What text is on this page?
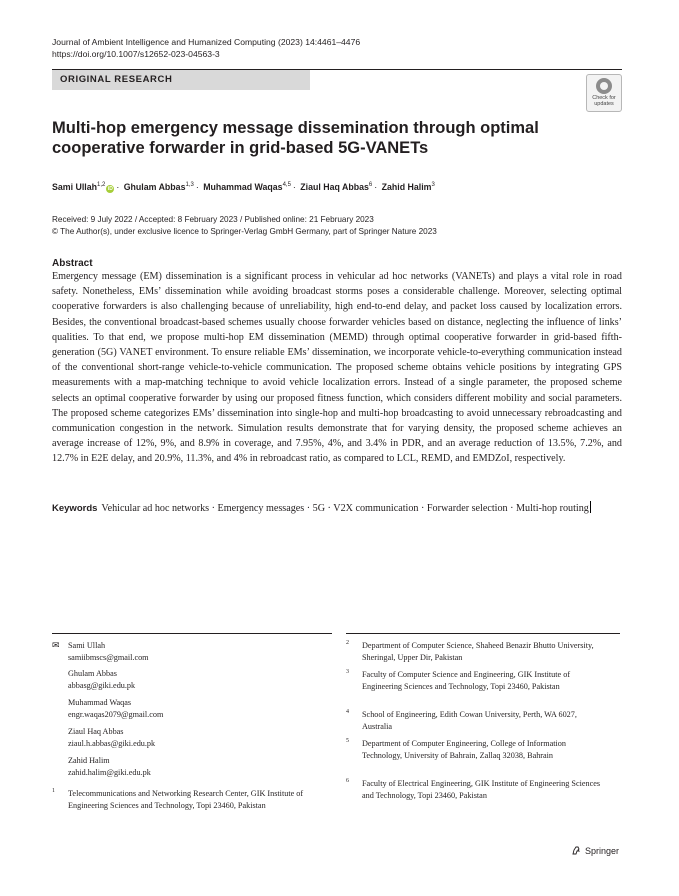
Journal of Ambient Intelligence and Humanized Computing (2023) 14:4461–4476
https://doi.org/10.1007/s12652-023-04563-3
ORIGINAL RESEARCH
Check for updates
Multi-hop emergency message dissemination through optimal
cooperative forwarder in grid-based 5G-VANETs
Sami Ullah$^{1,2}$iD · Ghulam Abbas$^{1,3}$ · Muhammad Waqas$^{4,5}$ · Ziaul Haq Abbas$^6$ · Zahid Halim$^3$
Received: 9 July 2022 / Accepted: 8 February 2023 / Published online: 21 February 2023
© The Author(s), under exclusive licence to Springer-Verlag GmbH Germany, part of Springer Nature 2023
Abstract
Emergency message (EM) dissemination is a significant process in vehicular ad hoc networks (VANETs) and plays a vital role in road safety. Nonetheless, EMs’ dissemination while avoiding broadcast storms poses a considerable challenge. Moreover, selecting optimal cooperative forwarders is also challenging because of unreliability, high end-to-end delay, and packet loss caused by localization errors. Besides, the conventional broadcast-based schemes usually choose forwarder vehicles based on distance, neglecting the influence of links’ qualities. To that end, we propose multi-hop EM dissemination (MEMD) through optimal cooperative forwarder in grid-based fifth-generation (5G) VANET environment. To ensure reliable EMs’ dissemination, we incorporate vehicle-to-everything communication instead of the conventional short-range vehicle-to-vehicle communication. The proposed scheme obtains vehicle positions by integrating GPS measurements with a map-matching technique to avoid vehicle localization errors. Instead of a single parameter, the proposed scheme selects an optimal cooperative forwarder by using our proposed fitness function, which considers different mobility and social parameters. The proposed scheme categorizes EMs’ dissemination into single-hop and multi-hop broadcasting to avoid unnecessary rebroadcasting and communication congestion in the network. Simulation results demonstrate that for varying density, the proposed scheme achieves an average increase of 12%, 9%, and 8.9% in coverage, and 7.95%, 4%, and 3.4% in PDR, and an average reduction of 13.5%, 7.2%, and 12.7% in E2E delay, and 20.9%, 11.3%, and 4% in rebroadcast ratio, as compared to LCL, REMD, and EMDZoI, respectively.
Keywords Vehicular ad hoc networks · Emergency messages · 5G · V2X communication · Forwarder selection · Multi-hop routing
✉	Sami Ullah
samiibmscs@gmail.com
Ghulam Abbas
abbasg@giki.edu.pk
Muhammad Waqas
engr.waqas2079@gmail.com
Ziaul Haq Abbas
ziaul.h.abbas@giki.edu.pk
Zahid Halim
zahid.halim@giki.edu.pk
1	Telecommunications and Networking Research Center, GIK Institute of Engineering Sciences and Technology, Topi 23460, Pakistan
2	Department of Computer Science, Shaheed Benazir Bhutto University, Sheringal, Upper Dir, Pakistan
3	Faculty of Computer Science and Engineering, GIK Institute of Engineering Sciences and Technology, Topi 23460, Pakistan
4	School of Engineering, Edith Cowan University, Perth, WA 6027, Australia
5	Department of Computer Engineering, College of Information Technology, University of Bahrain, Zallaq 32038, Bahrain
6	Faculty of Electrical Engineering, GIK Institute of Engineering Sciences and Technology, Topi 23460, Pakistan
Springer
